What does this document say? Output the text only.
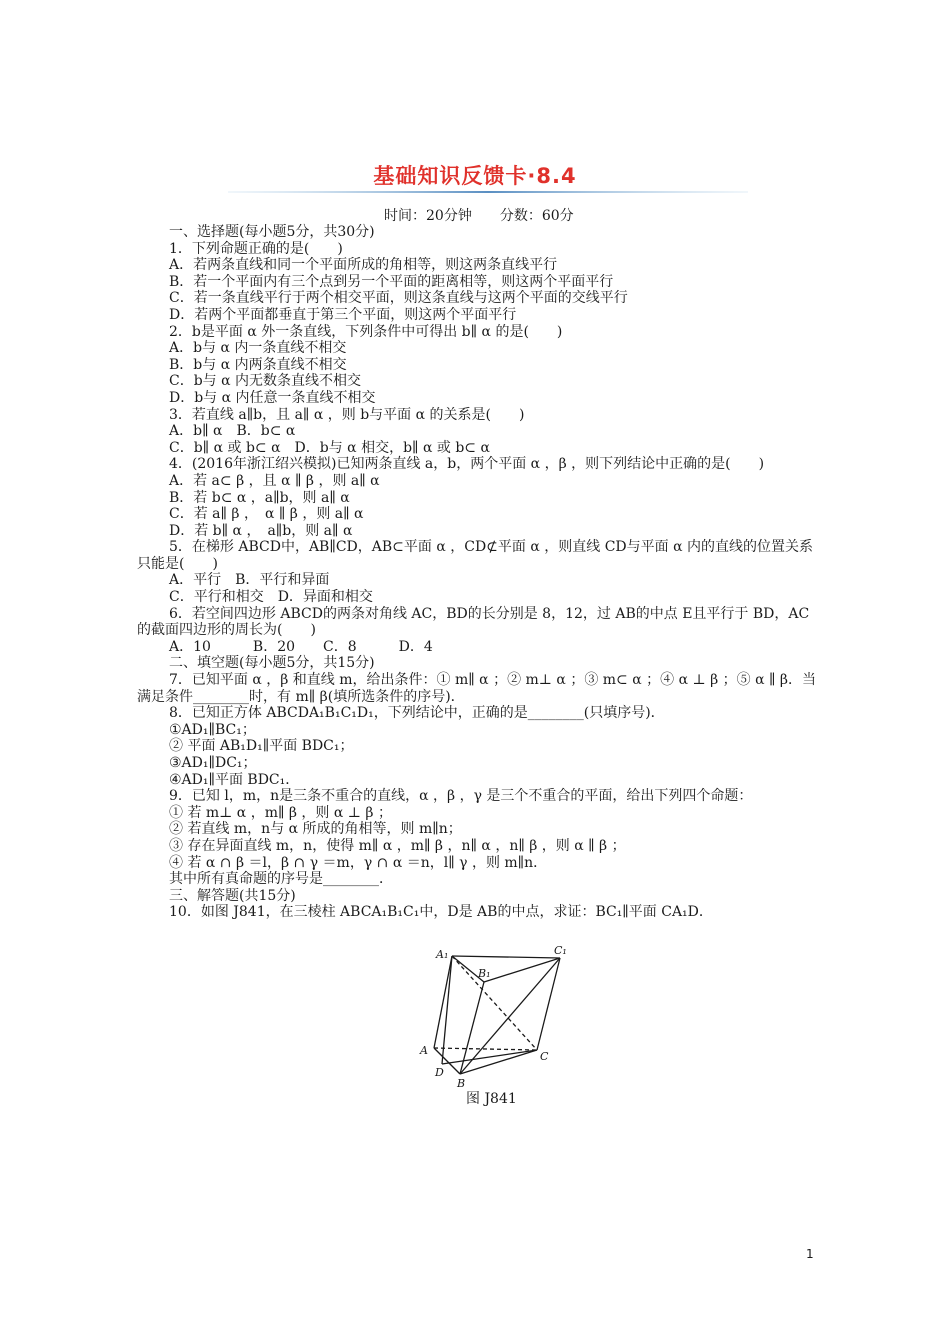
基础知识反馈卡·8.4
时间：20分钟　　分数：60分
一、选择题(每小题5分，共30分)
1．下列命题正确的是(　　)
A．若两条直线和同一个平面所成的角相等，则这两条直线平行
B．若一个平面内有三个点到另一个平面的距离相等，则这两个平面平行
C．若一条直线平行于两个相交平面，则这条直线与这两个平面的交线平行
D．若两个平面都垂直于第三个平面，则这两个平面平行
2．b是平面 α 外一条直线，下列条件中可得出 b∥ α 的是(　　)
A．b与 α 内一条直线不相交
B．b与 α 内两条直线不相交
C．b与 α 内无数条直线不相交
D．b与 α 内任意一条直线不相交
3．若直线 a∥b，且 a∥ α ，则 b与平面 α 的关系是(　　)
A．b∥ α　B．b⊂ α
C．b∥ α 或 b⊂ α　D．b与 α 相交，b∥ α 或 b⊂ α
4．(2016年浙江绍兴模拟)已知两条直线 a，b，两个平面 α ，β ，则下列结论中正确的是(　　)
A．若 a⊂ β ，且 α ∥ β ，则 a∥ α
B．若 b⊂ α ，a∥b，则 a∥ α
C．若 a∥ β ，　α ∥ β ，则 a∥ α
D．若 b∥ α ，　a∥b，则 a∥ α
5．在梯形 ABCD中，AB∥CD，AB⊂平面 α ，CD⊄平面 α ，则直线 CD与平面 α 内的直线的位置关系只能是(　　)
A．平行　B．平行和异面
C．平行和相交　D．异面和相交
6．若空间四边形 ABCD的两条对角线 AC，BD的长分别是 8，12，过 AB的中点 E且平行于 BD，AC的截面四边形的周长为(　　)
A．10　　　B．20　　C．8　　　D．4
二、填空题(每小题5分，共15分)
7．已知平面 α ，β 和直线 m，给出条件：① m∥ α ；② m⊥ α ；③ m⊂ α ；④ α ⊥ β ；⑤ α ∥ β．当满足条件________时，有 m∥ β(填所选条件的序号)．
8．已知正方体 ABCDA₁B₁C₁D₁，下列结论中，正确的是________(只填序号)．
①AD₁∥BC₁；
② 平面 AB₁D₁∥平面 BDC₁；
③AD₁∥DC₁；
④AD₁∥平面 BDC₁．
9．已知 l，m，n是三条不重合的直线，α ，β ，γ 是三个不重合的平面，给出下列四个命题：
① 若 m⊥ α ，m∥ β ，则 α ⊥ β ；
② 若直线 m，n与 α 所成的角相等，则 m∥n；
③ 存在异面直线 m，n，使得 m∥ α ，m∥ β ，n∥ α ，n∥ β ，则 α ∥ β ；
④ 若 α ∩ β ＝l，β ∩ γ ＝m，γ ∩ α ＝n，l∥ γ ，则 m∥n．
其中所有真命题的序号是________．
三、解答题(共15分)
10．如图 J841，在三棱柱 ABCA₁B₁C₁中，D是 AB的中点，求证：BC₁∥平面 CA₁D．
A₁
B₁
C₁
A	C
D
B
图 J841
1
